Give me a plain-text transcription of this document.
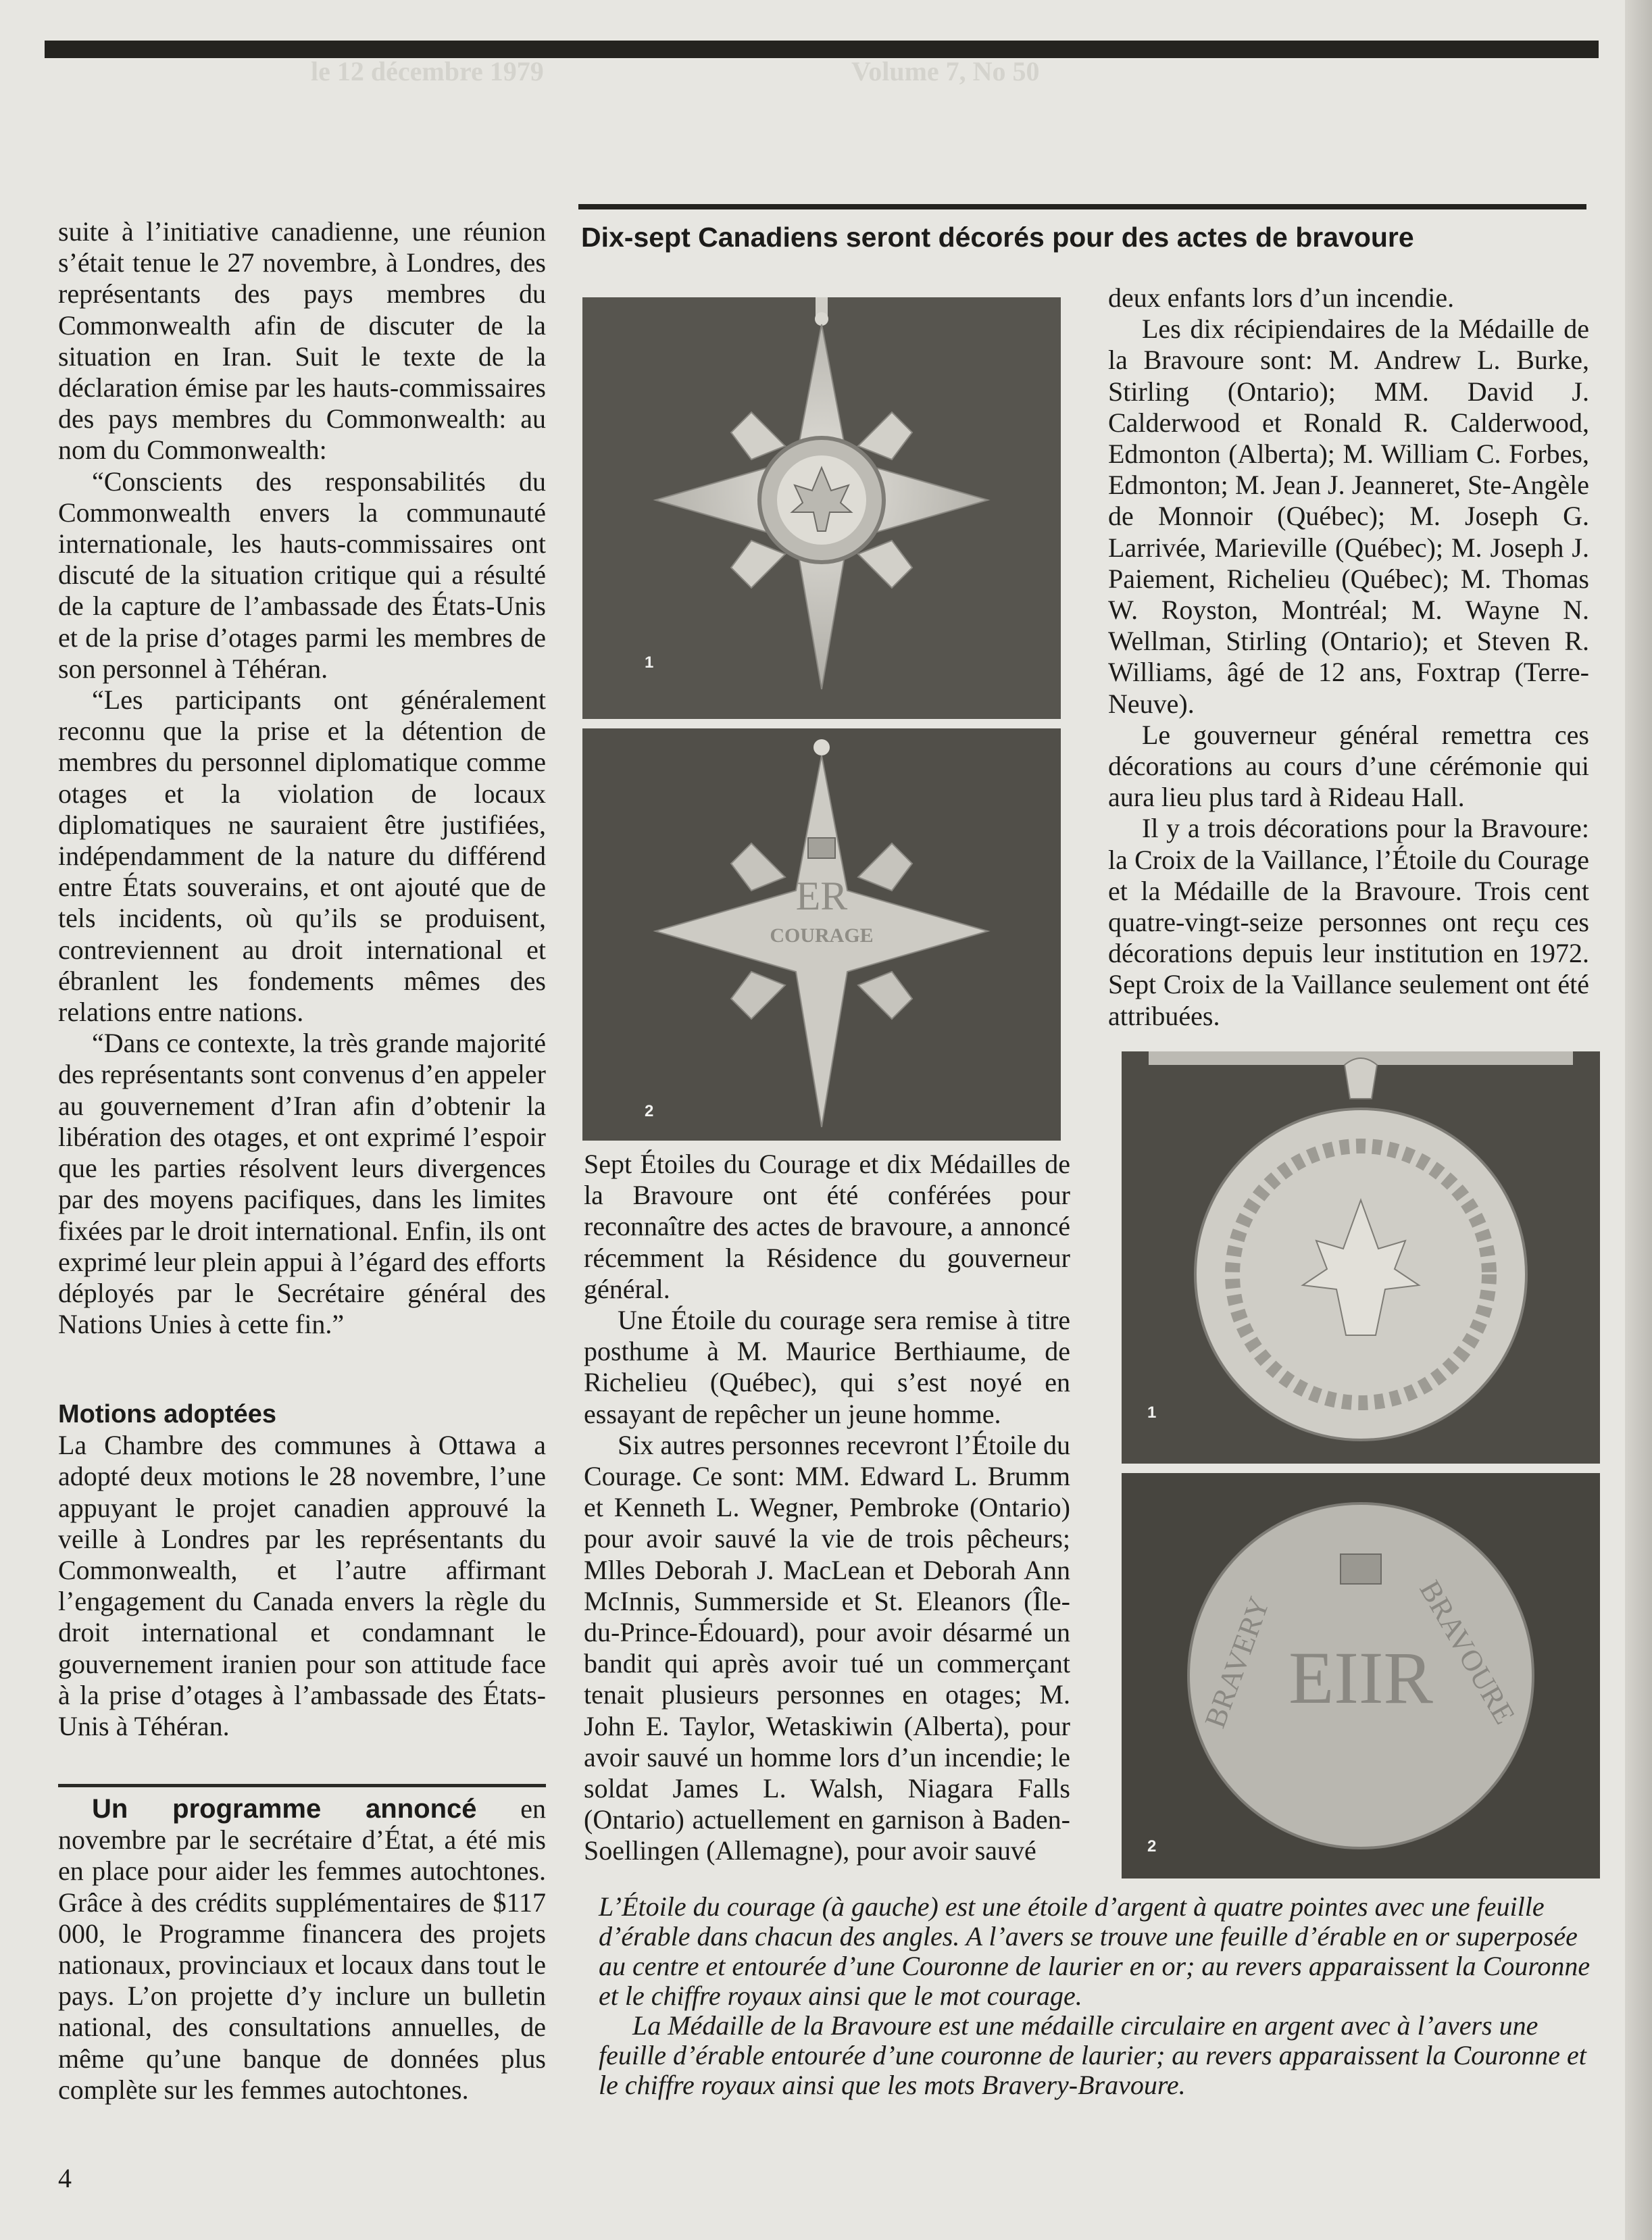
Volume 7, No 50
le 12 décembre 1979

suite à l’initiative canadienne, une réunion s’était tenue le 27 novembre, à Londres, des représentants des pays membres du Commonwealth afin de discuter de la situation en Iran. Suit le texte de la déclaration émise par les hauts-commissaires des pays membres du Commonwealth: au nom du Commonwealth:

“Conscients des responsabilités du Commonwealth envers la communauté internationale, les hauts-commissaires ont discuté de la situation critique qui a résulté de la capture de l’ambassade des États-Unis et de la prise d’otages parmi les membres de son personnel à Téhéran.

“Les participants ont généralement reconnu que la prise et la détention de membres du personnel diplomatique comme otages et la violation de locaux diplomatiques ne sauraient être justifiées, indépendamment de la nature du différend entre États souverains, et ont ajouté que de tels incidents, où qu’ils se produisent, contreviennent au droit international et ébranlent les fondements mêmes des relations entre nations.

“Dans ce contexte, la très grande majorité des représentants sont convenus d’en appeler au gouvernement d’Iran afin d’obtenir la libération des otages, et ont exprimé l’espoir que les parties résolvent leurs divergences par des moyens pacifiques, dans les limites fixées par le droit international. Enfin, ils ont exprimé leur plein appui à l’égard des efforts déployés par le Secrétaire général des Nations Unies à cette fin.”

Motions adoptées

La Chambre des communes à Ottawa a adopté deux motions le 28 novembre, l’une appuyant le projet canadien approuvé la veille à Londres par les représentants du Commonwealth, et l’autre affirmant l’engagement du Canada envers la règle du droit international et condamnant le gouvernement iranien pour son attitude face à la prise d’otages à l’ambassade des États-Unis à Téhéran.

Un programme annoncé en novembre par le secrétaire d’État, a été mis en place pour aider les femmes autochtones. Grâce à des crédits supplémentaires de $117 000, le Programme financera des projets nationaux, provinciaux et locaux dans tout le pays. L’on projette d’y inclure un bulletin national, des consultations annuelles, de même qu’une banque de données plus complète sur les femmes autochtones.

Dix-sept Canadiens seront décorés pour des actes de bravoure
1
ER
COURAGE
2

Sept Étoiles du Courage et dix Médailles de la Bravoure ont été conférées pour reconnaître des actes de bravoure, a annoncé récemment la Résidence du gouverneur général.

Une Étoile du courage sera remise à titre posthume à M. Maurice Berthiaume, de Richelieu (Québec), qui s’est noyé en essayant de repêcher un jeune homme.

Six autres personnes recevront l’Étoile du Courage. Ce sont: MM. Edward L. Brumm et Kenneth L. Wegner, Pembroke (Ontario) pour avoir sauvé la vie de trois pêcheurs; Mlles Deborah J. MacLean et Deborah Ann McInnis, Summerside et St. Eleanors (Île-du-Prince-Édouard), pour avoir désarmé un bandit qui après avoir tué un commerçant tenait plusieurs personnes en otages; M. John E. Taylor, Wetaskiwin (Alberta), pour avoir sauvé un homme lors d’un incendie; le soldat James L. Walsh, Niagara Falls (Ontario) actuellement en garnison à Baden-Soellingen (Allemagne), pour avoir sauvé

deux enfants lors d’un incendie.

Les dix récipiendaires de la Médaille de la Bravoure sont: M. Andrew L. Burke, Stirling (Ontario); MM. David J. Calderwood et Ronald R. Calderwood, Edmonton (Alberta); M. William C. Forbes, Edmonton; M. Jean J. Jeanneret, Ste-Angèle de Monnoir (Québec); M. Joseph G. Larrivée, Marieville (Québec); M. Joseph J. Paiement, Richelieu (Québec); M. Thomas W. Royston, Montréal; M. Wayne N. Wellman, Stirling (Ontario); et Steven R. Williams, âgé de 12 ans, Foxtrap (Terre-Neuve).

Le gouverneur général remettra ces décorations au cours d’une cérémonie qui aura lieu plus tard à Rideau Hall.

Il y a trois décorations pour la Bravoure: la Croix de la Vaillance, l’Étoile du Courage et la Médaille de la Bravoure. Trois cent quatre-vingt-seize personnes ont reçu ces décorations depuis leur institution en 1972. Sept Croix de la Vaillance seulement ont été attribuées.

1
EIIR
BRAVERY	BRAVOURE
2

L’Étoile du courage (à gauche) est une étoile d’argent à quatre pointes avec une feuille d’érable dans chacun des angles. A l’avers se trouve une feuille d’érable en or superposée au centre et entourée d’une Couronne de laurier en or; au revers apparaissent la Couronne et le chiffre royaux ainsi que le mot courage.

La Médaille de la Bravoure est une médaille circulaire en argent avec à l’avers une feuille d’érable entourée d’une couronne de laurier; au revers apparaissent la Couronne et le chiffre royaux ainsi que les mots Bravery-Bravoure.

4
